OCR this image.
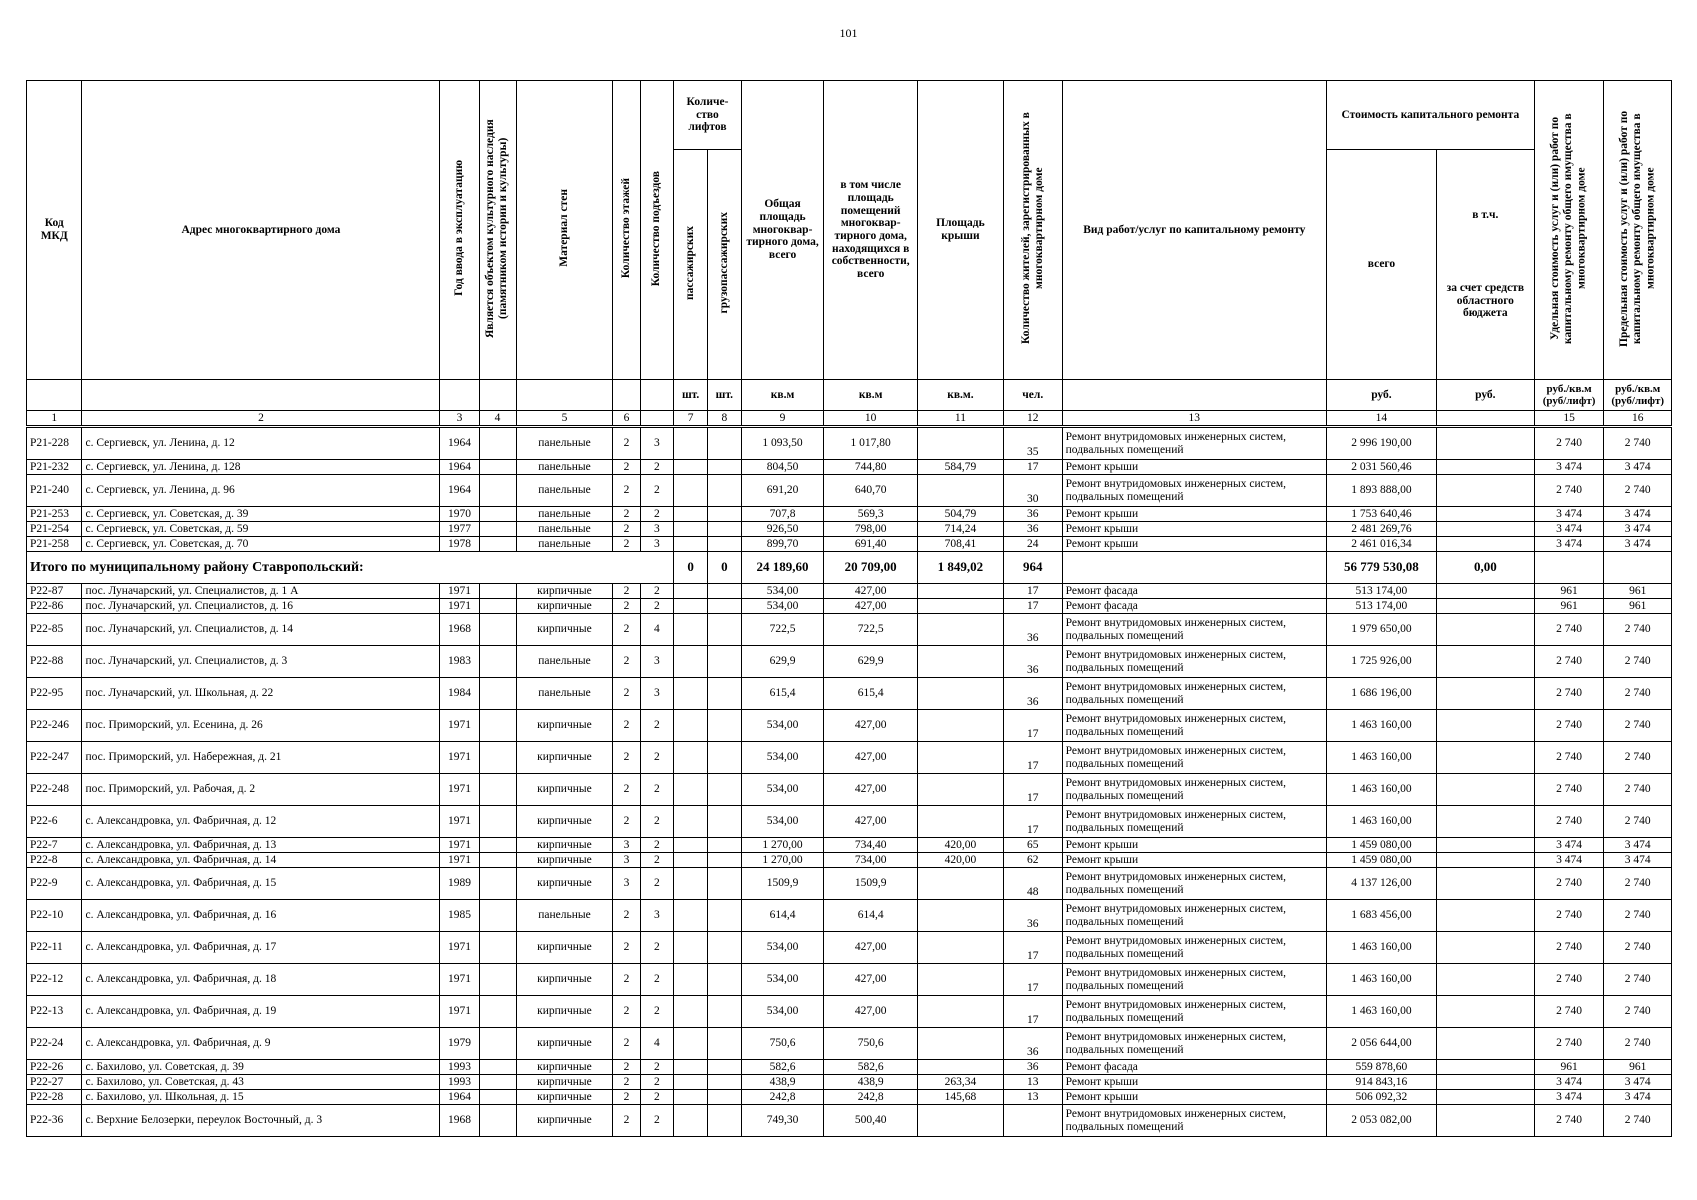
101
Код МКД	Адрес многоквартирного дома	Год ввода в эксплуатацию	Является объектом культурного наследия (памятником истории и культуры)	Материал стен	Количество этажей	Количество подъездов	Количе-ство лифтов		Общая площадь многоквар-тирного дома, всего	в том числе площадь помещений многоквар-тирного дома, находящихся в собственности, всего	Площадь крыши	Количество жителей, зарегистрированных в многоквартирном доме	Вид работ/услуг по капитальному ремонту	Стоимость капитального ремонта		Удельная стоимость услуг и (или) работ по капитальному ремонту общего имущества в многоквартирном доме	Предельная стоимость услуг и (или) работ по капитальному ремонту общего имущества в многоквартирном доме
							пассажирских	грузопассажирских						всего	в т.ч.
за счет средств областного бюджета		

							шт.	шт.	кв.м	кв.м	кв.м.	чел.		руб.	руб.	руб./кв.м (руб/лифт)	руб./кв.м (руб/лифт)
1	2	3	4	5	6		7	8	9	10	11	12	13	14		15	16
Р21-228	с. Сергиевск, ул. Ленина, д. 12	1964		панельные	2	3			1 093,50	1 017,80		35	Ремонт внутридомовых инженерных систем, подвальных помещений	2 996 190,00		2 740	2 740
Р21-232	с. Сергиевск, ул. Ленина, д. 128	1964		панельные	2	2			804,50	744,80	584,79	17	Ремонт крыши	2 031 560,46		3 474	3 474
Р21-240	с. Сергиевск, ул. Ленина, д. 96	1964		панельные	2	2			691,20	640,70		30	Ремонт внутридомовых инженерных систем, подвальных помещений	1 893 888,00		2 740	2 740
Р21-253	с. Сергиевск, ул. Советская, д. 39	1970		панельные	2	2			707,8	569,3	504,79	36	Ремонт крыши	1 753 640,46		3 474	3 474
Р21-254	с. Сергиевск, ул. Советская, д. 59	1977		панельные	2	3			926,50	798,00	714,24	36	Ремонт крыши	2 481 269,76		3 474	3 474
Р21-258	с. Сергиевск, ул. Советская, д. 70	1978		панельные	2	3			899,70	691,40	708,41	24	Ремонт крыши	2 461 016,34		3 474	3 474
Итого по муниципальному району Ставропольский:							0	0	24 189,60	20 709,00	1 849,02	964		56 779 530,08	0,00		
Р22-87	пос. Луначарский, ул. Специалистов, д. 1 А	1971		кирпичные	2	2			534,00	427,00		17	Ремонт фасада	513 174,00		961	961
Р22-86	пос. Луначарский, ул. Специалистов, д. 16	1971		кирпичные	2	2			534,00	427,00		17	Ремонт фасада	513 174,00		961	961
Р22-85	пос. Луначарский, ул. Специалистов, д. 14	1968		кирпичные	2	4			722,5	722,5		36	Ремонт внутридомовых инженерных систем, подвальных помещений	1 979 650,00		2 740	2 740
Р22-88	пос. Луначарский, ул. Специалистов, д. 3	1983		панельные	2	3			629,9	629,9		36	Ремонт внутридомовых инженерных систем, подвальных помещений	1 725 926,00		2 740	2 740
Р22-95	пос. Луначарский, ул. Школьная, д. 22	1984		панельные	2	3			615,4	615,4		36	Ремонт внутридомовых инженерных систем, подвальных помещений	1 686 196,00		2 740	2 740
Р22-246	пос. Приморский, ул. Есенина, д. 26	1971		кирпичные	2	2			534,00	427,00		17	Ремонт внутридомовых инженерных систем, подвальных помещений	1 463 160,00		2 740	2 740
Р22-247	пос. Приморский, ул. Набережная, д. 21	1971		кирпичные	2	2			534,00	427,00		17	Ремонт внутридомовых инженерных систем, подвальных помещений	1 463 160,00		2 740	2 740
Р22-248	пос. Приморский, ул. Рабочая, д. 2	1971		кирпичные	2	2			534,00	427,00		17	Ремонт внутридомовых инженерных систем, подвальных помещений	1 463 160,00		2 740	2 740
Р22-6	с. Александровка, ул. Фабричная, д. 12	1971		кирпичные	2	2			534,00	427,00		17	Ремонт внутридомовых инженерных систем, подвальных помещений	1 463 160,00		2 740	2 740
Р22-7	с. Александровка, ул. Фабричная, д. 13	1971		кирпичные	3	2			1 270,00	734,40	420,00	65	Ремонт крыши	1 459 080,00		3 474	3 474
Р22-8	с. Александровка, ул. Фабричная, д. 14	1971		кирпичные	3	2			1 270,00	734,00	420,00	62	Ремонт крыши	1 459 080,00		3 474	3 474
Р22-9	с. Александровка, ул. Фабричная, д. 15	1989		кирпичные	3	2			1509,9	1509,9		48	Ремонт внутридомовых инженерных систем, подвальных помещений	4 137 126,00		2 740	2 740
Р22-10	с. Александровка, ул. Фабричная, д. 16	1985		панельные	2	3			614,4	614,4		36	Ремонт внутридомовых инженерных систем, подвальных помещений	1 683 456,00		2 740	2 740
Р22-11	с. Александровка, ул. Фабричная, д. 17	1971		кирпичные	2	2			534,00	427,00		17	Ремонт внутридомовых инженерных систем, подвальных помещений	1 463 160,00		2 740	2 740
Р22-12	с. Александровка, ул. Фабричная, д. 18	1971		кирпичные	2	2			534,00	427,00		17	Ремонт внутридомовых инженерных систем, подвальных помещений	1 463 160,00		2 740	2 740
Р22-13	с. Александровка, ул. Фабричная, д. 19	1971		кирпичные	2	2			534,00	427,00		17	Ремонт внутридомовых инженерных систем, подвальных помещений	1 463 160,00		2 740	2 740
Р22-24	с. Александровка, ул. Фабричная, д. 9	1979		кирпичные	2	4			750,6	750,6		36	Ремонт внутридомовых инженерных систем, подвальных помещений	2 056 644,00		2 740	2 740
Р22-26	с. Бахилово, ул. Советская, д. 39	1993		кирпичные	2	2			582,6	582,6		36	Ремонт фасада	559 878,60		961	961
Р22-27	с. Бахилово, ул. Советская, д. 43	1993		кирпичные	2	2			438,9	438,9	263,34	13	Ремонт крыши	914 843,16		3 474	3 474
Р22-28	с. Бахилово, ул. Школьная, д. 15	1964		кирпичные	2	2			242,8	242,8	145,68	13	Ремонт крыши	506 092,32		3 474	3 474
Р22-36	с. Верхние Белозерки, переулок Восточный, д. 3	1968		кирпичные	2	2			749,30	500,40			Ремонт внутридомовых инженерных систем, подвальных помещений	2 053 082,00		2 740	2 740
